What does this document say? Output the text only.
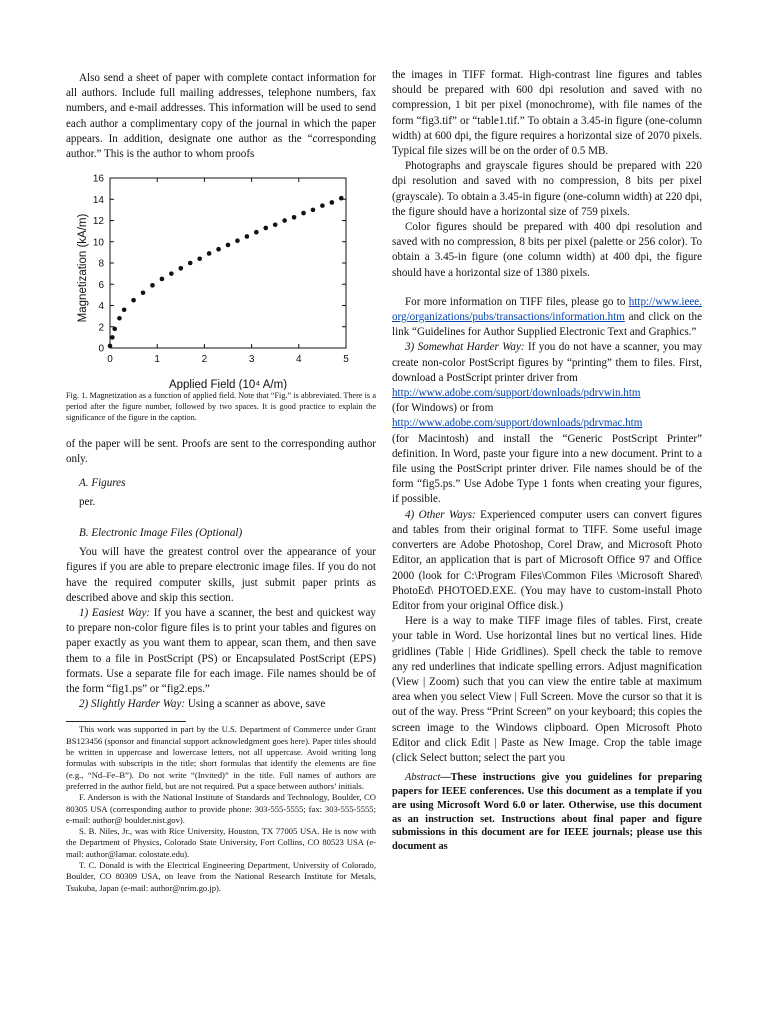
Also send a sheet of paper with complete contact information for all authors. Include full mailing addresses, telephone numbers, fax numbers, and e-mail addresses. This information will be used to send each author a complimentary copy of the journal in which the paper appears. In addition, designate one author as the “corresponding author.” This is the author to whom proofs

0	1	2	3	4	5
0
2
4
6
8
10
12
14
16
Magnetization (kA/m)
Applied Field (10⁴ A/m)

Fig. 1. Magnetization as a function of applied field. Note that “Fig.” is abbreviated. There is a period after the figure number, followed by two spaces. It is good practice to explain the significance of the figure in the caption.

of the paper will be sent. Proofs are sent to the corresponding author only.

A. Figures

per.

B. Electronic Image Files (Optional)

You will have the greatest control over the appearance of your figures if you are able to prepare electronic image files. If you do not have the required computer skills, just submit paper prints as described above and skip this section.

1) Easiest Way: If you have a scanner, the best and quickest way to prepare non-color figure files is to print your tables and figures on paper exactly as you want them to appear, scan them, and then save them to a file in PostScript (PS) or Encapsulated PostScript (EPS) formats. Use a separate file for each image. File names should be of the form “fig1.ps” or “fig2.eps.”

2) Slightly Harder Way: Using a scanner as above, save

This work was supported in part by the U.S. Department of Commerce under Grant BS123456 (sponsor and financial support acknowledgment goes here). Paper titles should be written in uppercase and lowercase letters, not all uppercase. Avoid writing long formulas with subscripts in the title; short formulas that identify the elements are fine (e.g., “Nd–Fe–B”). Do not write “(Invited)” in the title. Full names of authors are preferred in the author field, but are not required. Put a space between authors’ initials.

F. Anderson is with the National Institute of Standards and Technology, Boulder, CO 80305 USA (corresponding author to provide phone: 303-555-5555; fax: 303-555-5555; e-mail: author@ boulder.nist.gov).

S. B. Niles, Jr., was with Rice University, Houston, TX 77005 USA. He is now with the Department of Physics, Colorado State University, Fort Collins, CO 80523 USA (e-mail: author@lamar. colostate.edu).

T. C. Donald is with the Electrical Engineering Department, University of Colorado, Boulder, CO 80309 USA, on leave from the National Research Institute for Metals, Tsukuba, Japan (e-mail: author@nrim.go.jp).

the images in TIFF format. High-contrast line figures and tables should be prepared with 600 dpi resolution and saved with no compression, 1 bit per pixel (monochrome), with file names of the form “fig3.tif” or “table1.tif.” To obtain a 3.45-in figure (one-column width) at 600 dpi, the figure requires a horizontal size of 2070 pixels. Typical file sizes will be on the order of 0.5 MB.

Photographs and grayscale figures should be prepared with 220 dpi resolution and saved with no compression, 8 bits per pixel (grayscale). To obtain a 3.45-in figure (one-column width) at 220 dpi, the figure should have a horizontal size of 759 pixels.

Color figures should be prepared with 400 dpi resolution and saved with no compression, 8 bits per pixel (palette or 256 color). To obtain a 3.45-in figure (one column width) at 400 dpi, the figure should have a horizontal size of 1380 pixels.

For more information on TIFF files, please go to http://www.ieee.org/organizations/pubs/transactions/information.htm and click on the link “Guidelines for Author Supplied Electronic Text and Graphics.”

3) Somewhat Harder Way: If you do not have a scanner, you may create non-color PostScript figures by “printing” them to files. First, download a PostScript printer driver from

http://www.adobe.com/support/downloads/pdrvwin.htm
(for Windows) or from
http://www.adobe.com/support/downloads/pdrvmac.htm

(for Macintosh) and install the “Generic PostScript Printer” definition. In Word, paste your figure into a new document. Print to a file using the PostScript printer driver. File names should be of the form “fig5.ps.” Use Adobe Type 1 fonts when creating your figures, if possible.

4) Other Ways: Experienced computer users can convert figures and tables from their original format to TIFF. Some useful image converters are Adobe Photoshop, Corel Draw, and Microsoft Photo Editor, an application that is part of Microsoft Office 97 and Office 2000 (look for C:\Program Files\Common Files \Microsoft Shared\ PhotoEd\ PHOTOED.EXE. (You may have to custom-install Photo Editor from your original Office disk.)

Here is a way to make TIFF image files of tables. First, create your table in Word. Use horizontal lines but no vertical lines. Hide gridlines (Table | Hide Gridlines). Spell check the table to remove any red underlines that indicate spelling errors. Adjust magnification (View | Zoom) such that you can view the entire table at maximum area when you select View | Full Screen. Move the cursor so that it is out of the way. Press “Print Screen” on your keyboard; this copies the screen image to the Windows clipboard. Open Microsoft Photo Editor and click Edit | Paste as New Image. Crop the table image (click Select button; select the part you

Abstract—These instructions give you guidelines for preparing papers for IEEE conferences. Use this document as a template if you are using Microsoft Word 6.0 or later. Otherwise, use this document as an instruction set. Instructions about final paper and figure submissions in this document are for IEEE journals; please use this document as
